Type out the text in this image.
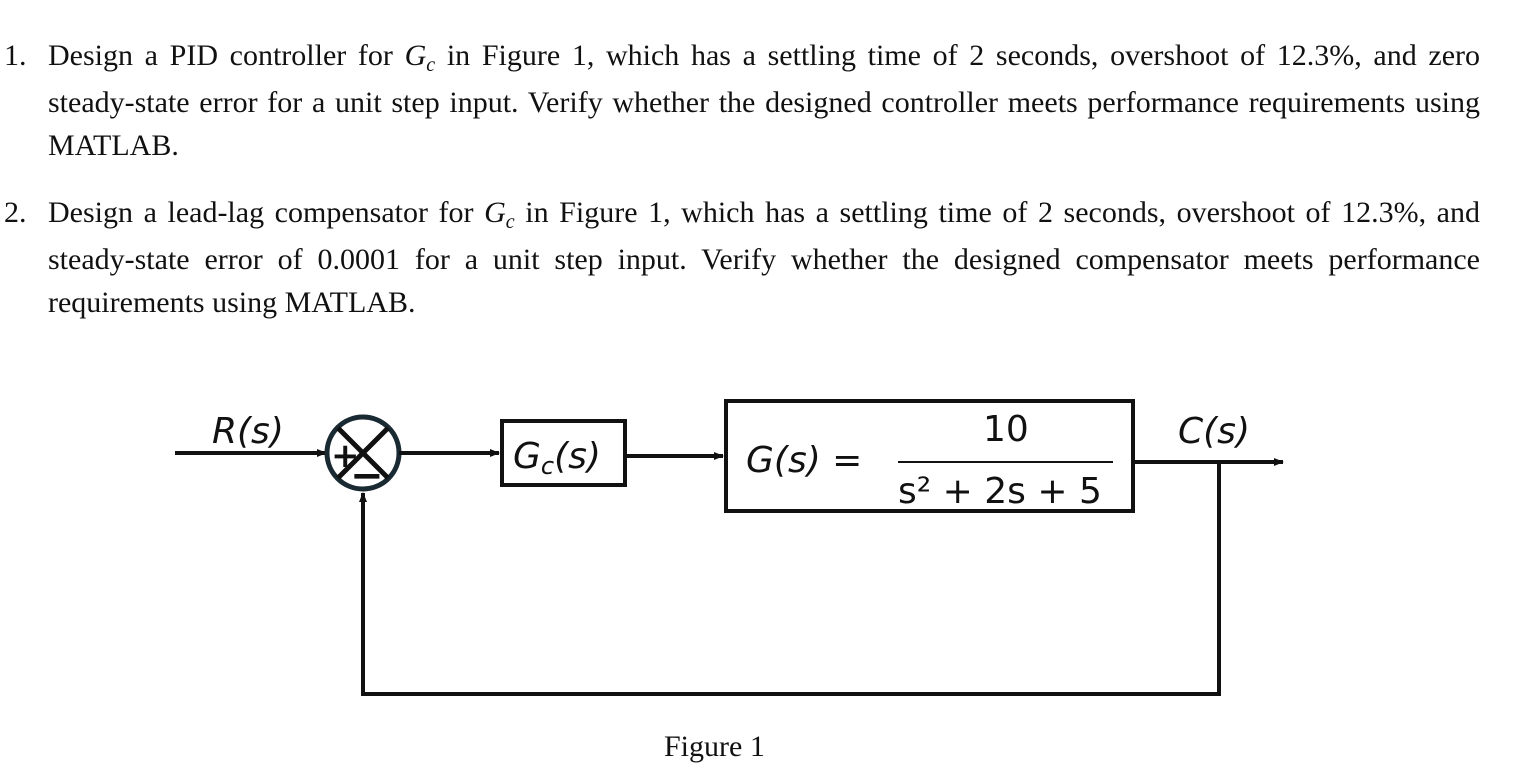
1. Design a PID controller for $G_c$ in Figure 1, which has a settling time of 2 seconds, overshoot of 12.3%, and zero steady-state error for a unit step input. Verify whether the designed controller meets performance requirements using MATLAB.
2. Design a lead-lag compensator for $G_c$ in Figure 1, which has a settling time of 2 seconds, overshoot of 12.3%, and steady-state error of 0.0001 for a unit step input. Verify whether the designed compensator meets performance requirements using MATLAB.
R(s)
+
−	Gc(s)	G(s) =
10
s² + 2s + 5
C(s)
Figure 1
